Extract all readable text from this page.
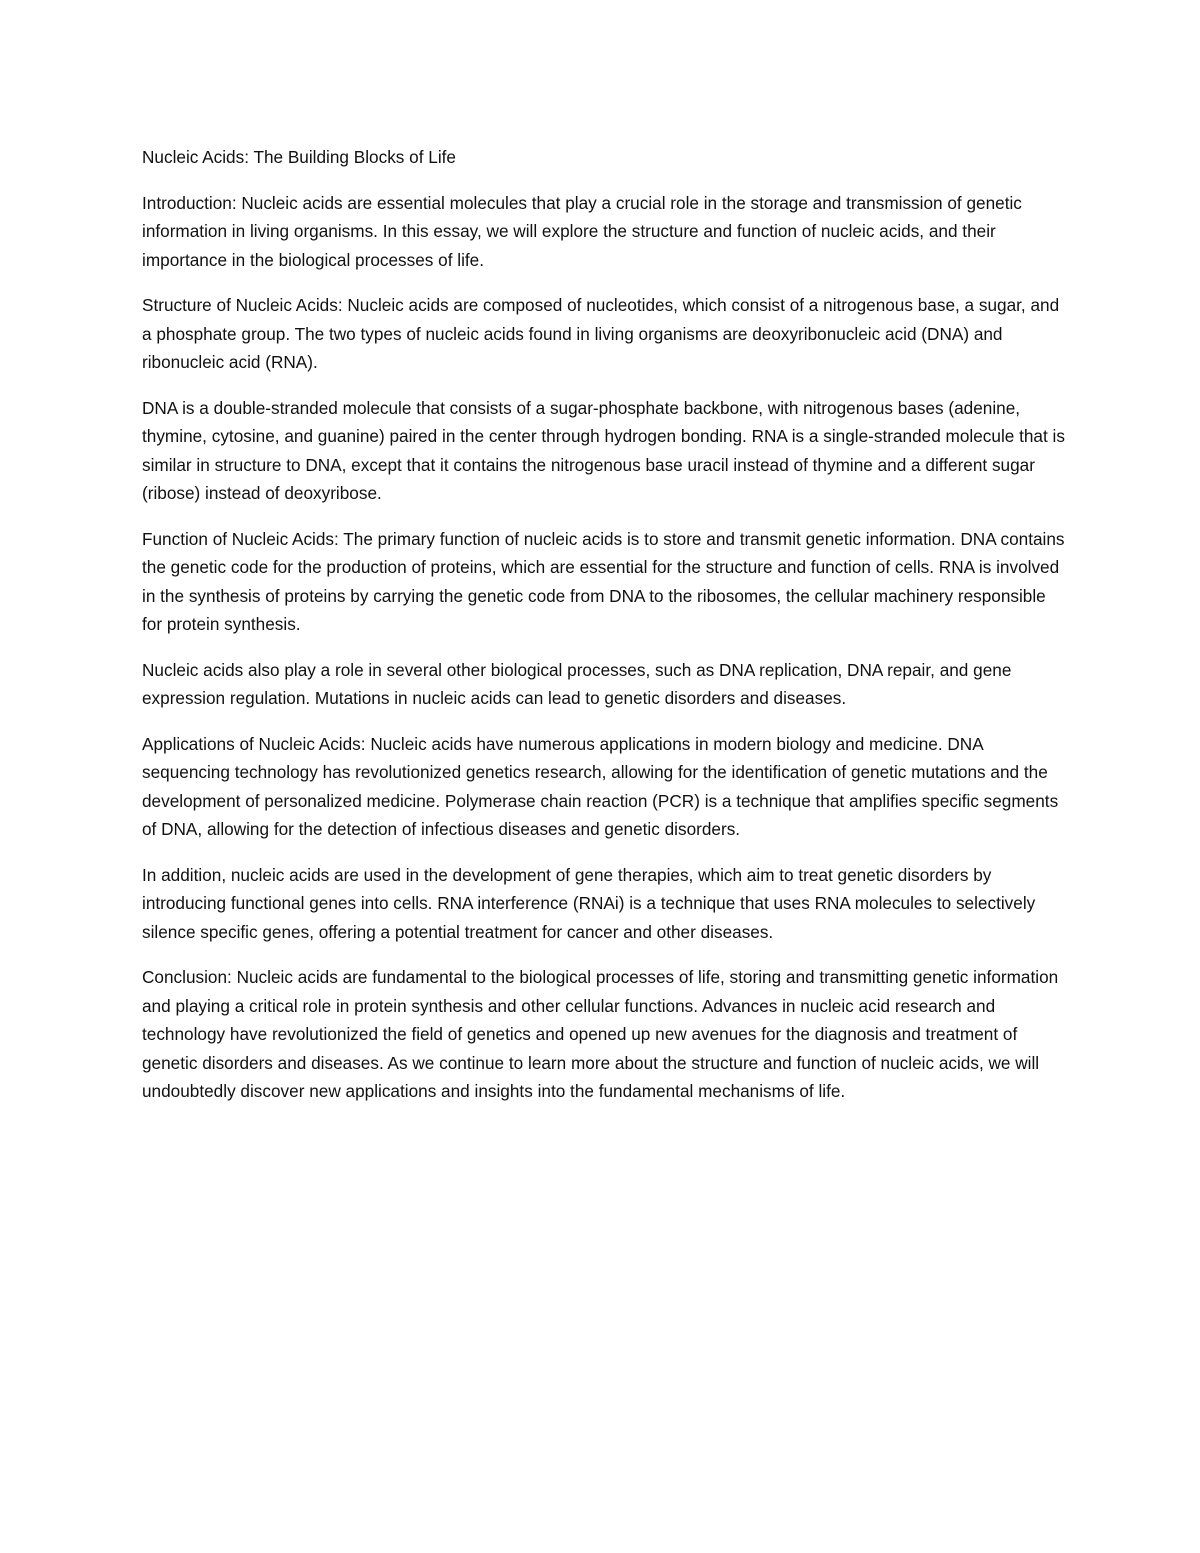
Nucleic Acids: The Building Blocks of Life

Introduction: Nucleic acids are essential molecules that play a crucial role in the storage and transmission of genetic information in living organisms. In this essay, we will explore the structure and function of nucleic acids, and their importance in the biological processes of life.

Structure of Nucleic Acids: Nucleic acids are composed of nucleotides, which consist of a nitrogenous base, a sugar, and a phosphate group. The two types of nucleic acids found in living organisms are deoxyribonucleic acid (DNA) and ribonucleic acid (RNA).

DNA is a double-stranded molecule that consists of a sugar-phosphate backbone, with nitrogenous bases (adenine, thymine, cytosine, and guanine) paired in the center through hydrogen bonding. RNA is a single-stranded molecule that is similar in structure to DNA, except that it contains the nitrogenous base uracil instead of thymine and a different sugar (ribose) instead of deoxyribose.

Function of Nucleic Acids: The primary function of nucleic acids is to store and transmit genetic information. DNA contains the genetic code for the production of proteins, which are essential for the structure and function of cells. RNA is involved in the synthesis of proteins by carrying the genetic code from DNA to the ribosomes, the cellular machinery responsible for protein synthesis.

Nucleic acids also play a role in several other biological processes, such as DNA replication, DNA repair, and gene expression regulation. Mutations in nucleic acids can lead to genetic disorders and diseases.

Applications of Nucleic Acids: Nucleic acids have numerous applications in modern biology and medicine. DNA sequencing technology has revolutionized genetics research, allowing for the identification of genetic mutations and the development of personalized medicine. Polymerase chain reaction (PCR) is a technique that amplifies specific segments of DNA, allowing for the detection of infectious diseases and genetic disorders.

In addition, nucleic acids are used in the development of gene therapies, which aim to treat genetic disorders by introducing functional genes into cells. RNA interference (RNAi) is a technique that uses RNA molecules to selectively silence specific genes, offering a potential treatment for cancer and other diseases.

Conclusion: Nucleic acids are fundamental to the biological processes of life, storing and transmitting genetic information and playing a critical role in protein synthesis and other cellular functions. Advances in nucleic acid research and technology have revolutionized the field of genetics and opened up new avenues for the diagnosis and treatment of genetic disorders and diseases. As we continue to learn more about the structure and function of nucleic acids, we will undoubtedly discover new applications and insights into the fundamental mechanisms of life.
